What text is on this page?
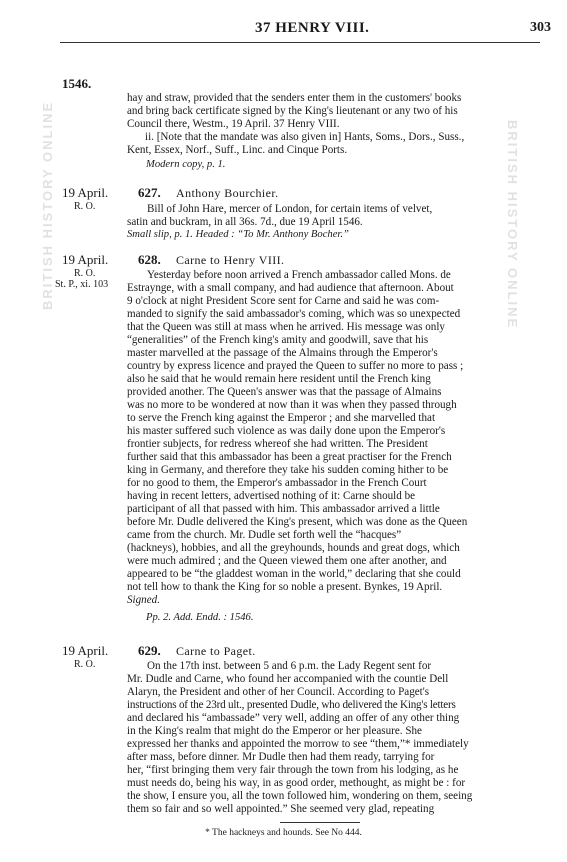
37 HENRY VIII.	303
BRITISH HISTORY ONLINE	BRITISH HISTORY ONLINE
1546.
hay and straw, provided that the senders enter them in the customers' books
and bring back certificate signed by the King's lieutenant or any two of his
Council there, Westm., 19 April. 37 Henry VIII.
ii. [Note that the mandate was also given in] Hants, Soms., Dors., Suss.,
Kent, Essex, Norf., Suff., Linc. and Cinque Ports.
Modern copy, p. 1.
19 April.
R. O.
627. Anthony Bourchier.
Bill of John Hare, mercer of London, for certain items of velvet,
satin and buckram, in all 36s. 7d., due 19 April 1546.
Small slip, p. 1. Headed : “To Mr. Anthony Bocher.”
19 April.
R. O.
St. P., xi. 103
628. Carne to Henry VIII.
Yesterday before noon arrived a French ambassador called Mons. de
Estraynge, with a small company, and had audience that afternoon. About
9 o'clock at night President Score sent for Carne and said he was com-
manded to signify the said ambassador's coming, which was so unexpected
that the Queen was still at mass when he arrived. His message was only
“generalities” of the French king's amity and goodwill, save that his
master marvelled at the passage of the Almains through the Emperor's
country by express licence and prayed the Queen to suffer no more to pass ;
also he said that he would remain here resident until the French king
provided another. The Queen's answer was that the passage of Almains
was no more to be wondered at now than it was when they passed through
to serve the French king against the Emperor ; and she marvelled that
his master suffered such violence as was daily done upon the Emperor's
frontier subjects, for redress whereof she had written. The President
further said that this ambassador has been a great practiser for the French
king in Germany, and therefore they take his sudden coming hither to be
for no good to them, the Emperor's ambassador in the French Court
having in recent letters, advertised nothing of it: Carne should be
participant of all that passed with him. This ambassador arrived a little
before Mr. Dudle delivered the King's present, which was done as the Queen
came from the church. Mr. Dudle set forth well the “hacques”
(hackneys), hobbies, and all the greyhounds, hounds and great dogs, which
were much admired ; and the Queen viewed them one after another, and
appeared to be “the gladdest woman in the world,” declaring that she could
not tell how to thank the King for so noble a present. Bynkes, 19 April.
Signed.
Pp. 2. Add. Endd. : 1546.
19 April.
R. O.
629. Carne to Paget.
On the 17th inst. between 5 and 6 p.m. the Lady Regent sent for
Mr. Dudle and Carne, who found her accompanied with the countie Dell
Alaryn, the President and other of her Council. According to Paget's
instructions of the 23rd ult., presented Dudle, who delivered the King's letters
and declared his “ambassade” very well, adding an offer of any other thing
in the King's realm that might do the Emperor or her pleasure. She
expressed her thanks and appointed the morrow to see “them,”* immediately
after mass, before dinner. Mr Dudle then had them ready, tarrying for
her, “first bringing them very fair through the town from his lodging, as he
must needs do, being his way, in as good order, methought, as might be : for
the show, I ensure you, all the town followed him, wondering on them, seeing
them so fair and so well appointed.” She seemed very glad, repeating
* The hackneys and hounds. See No 444.
